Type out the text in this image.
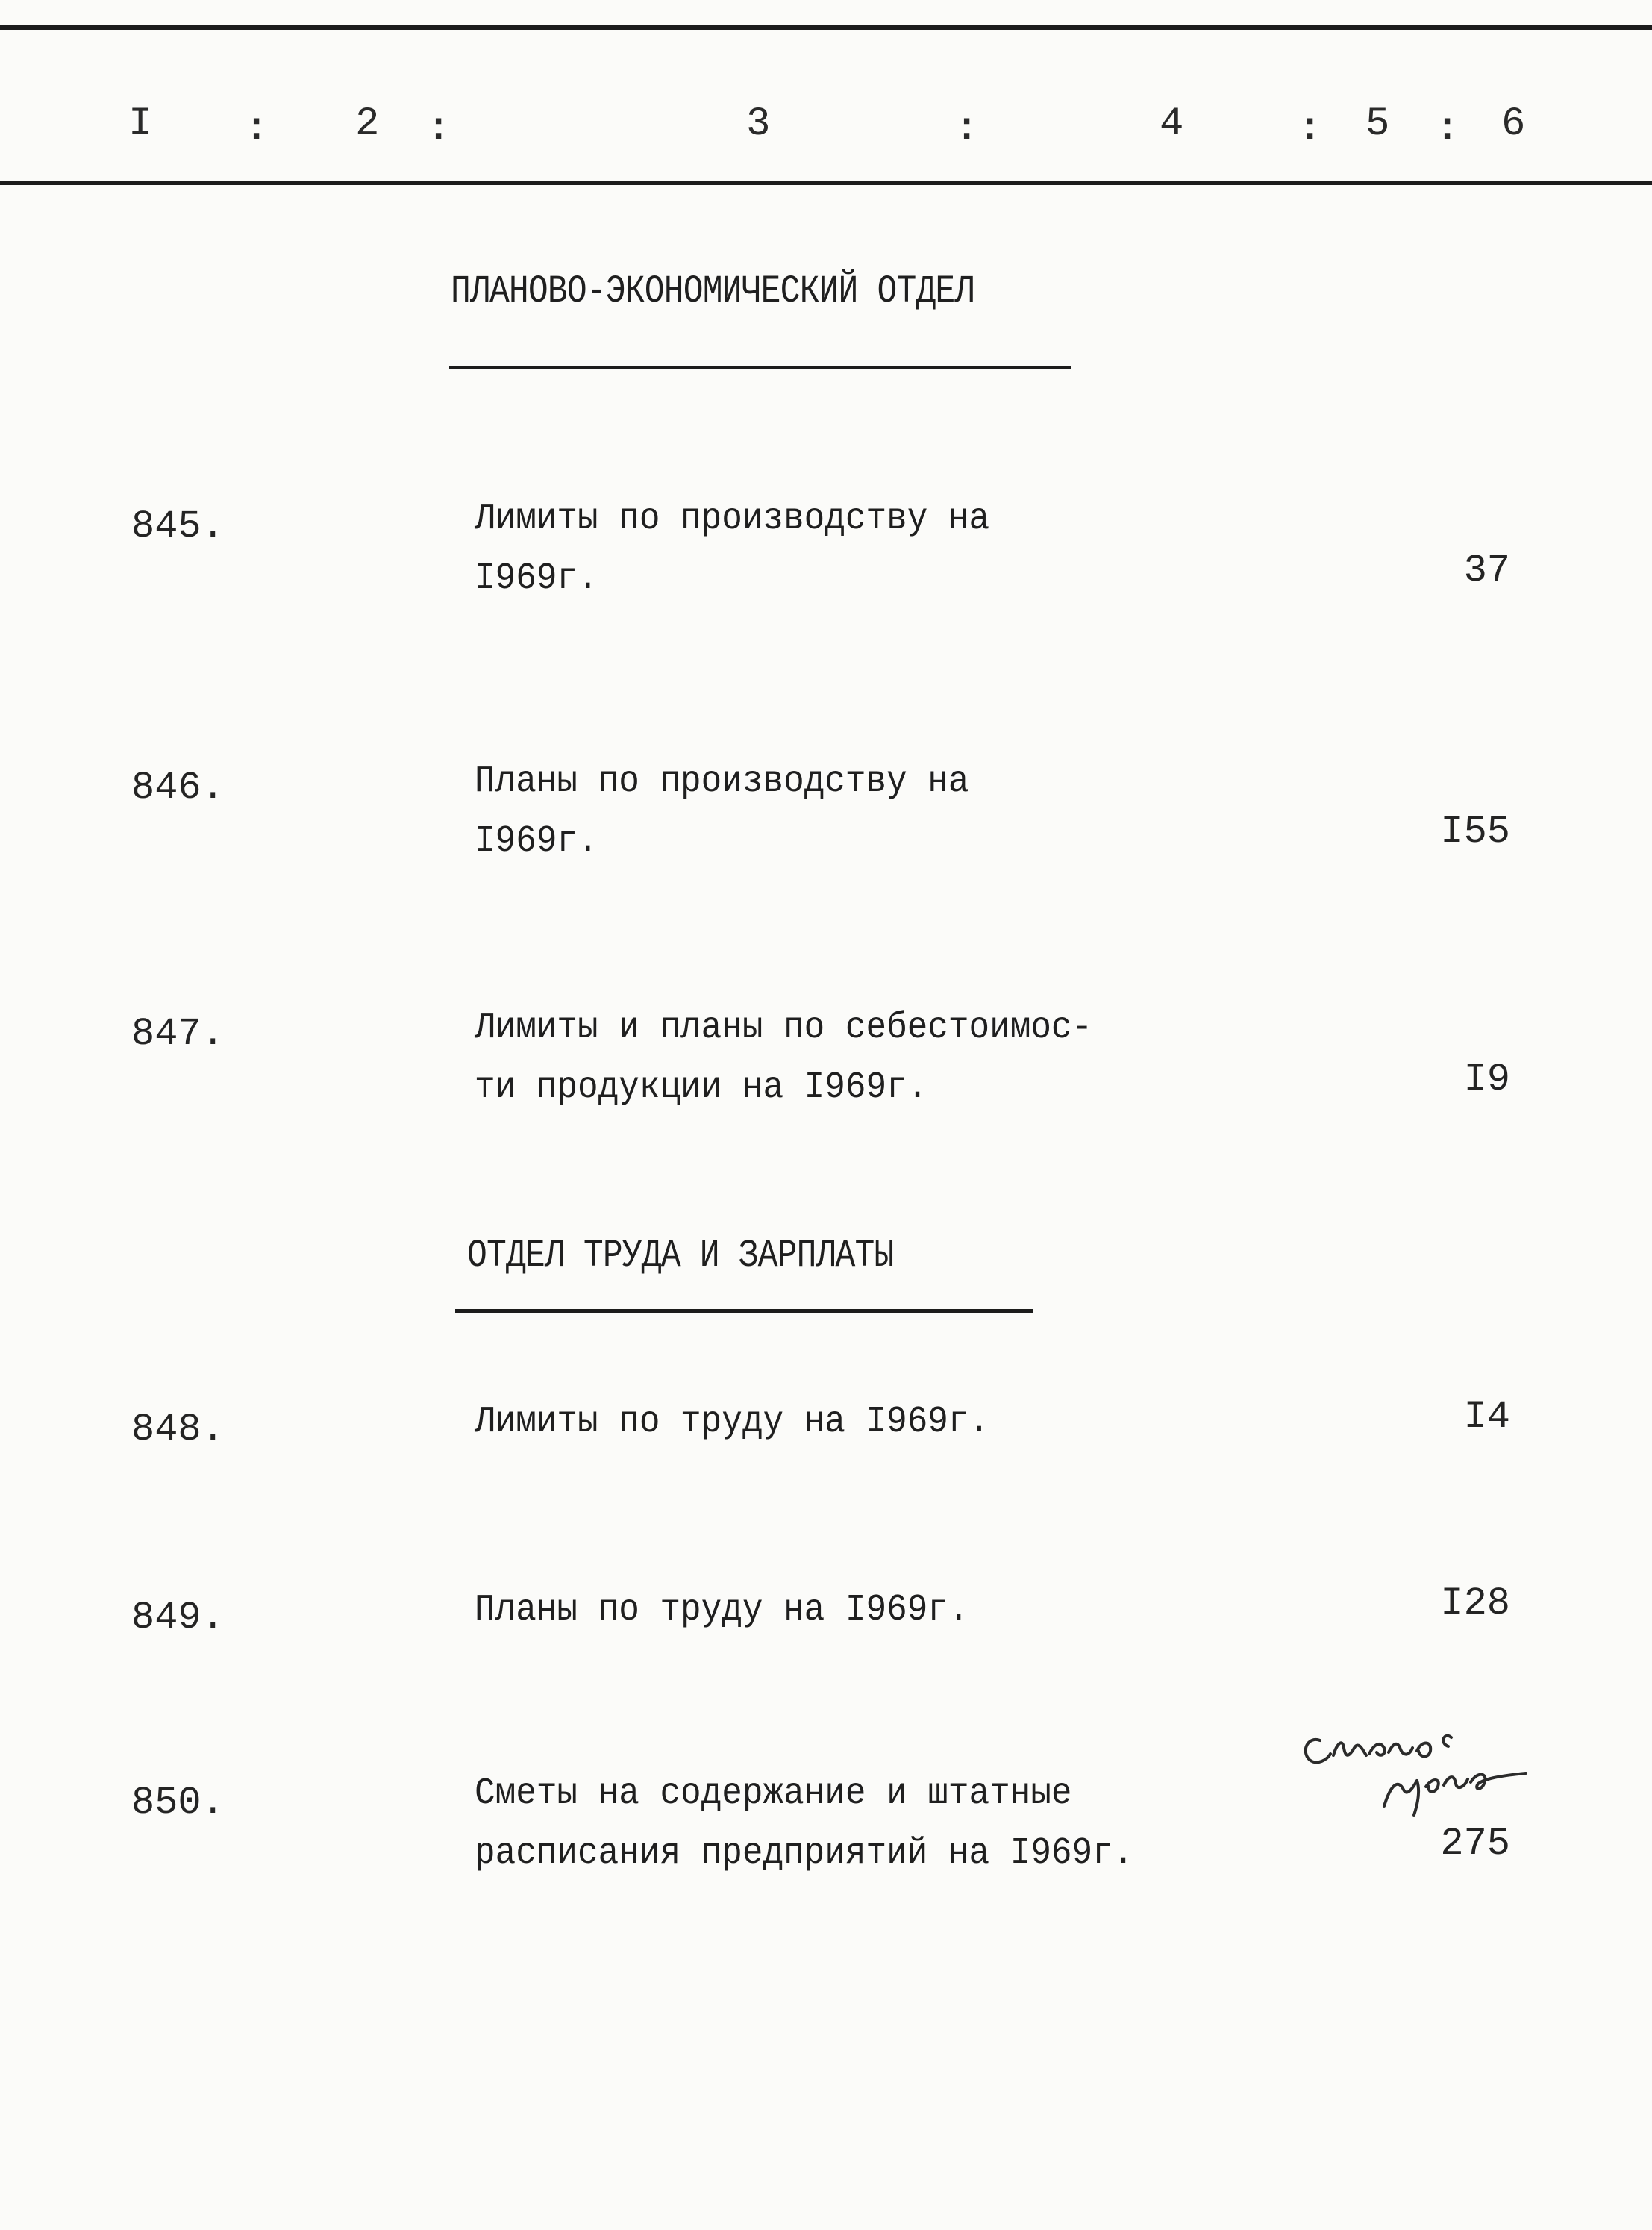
I : 2 :	3	:	4	: 5 : 6
ПЛАНОВО-ЭКОНОМИЧЕСКИЙ ОТДЕЛ
845.	Лимиты по производству на
I969г.	37
846.	Планы по производству на
I969г.	I55
847.	Лимиты и планы по себестоимос-
ти продукции на I969г.	I9
ОТДЕЛ ТРУДА И ЗАРПЛАТЫ
848.	Лимиты по труду на I969г.	I4
849.	Планы по труду на I969г.	I28
850.	Сметы на содержание и штатные
расписания предприятий на I969г.	275
